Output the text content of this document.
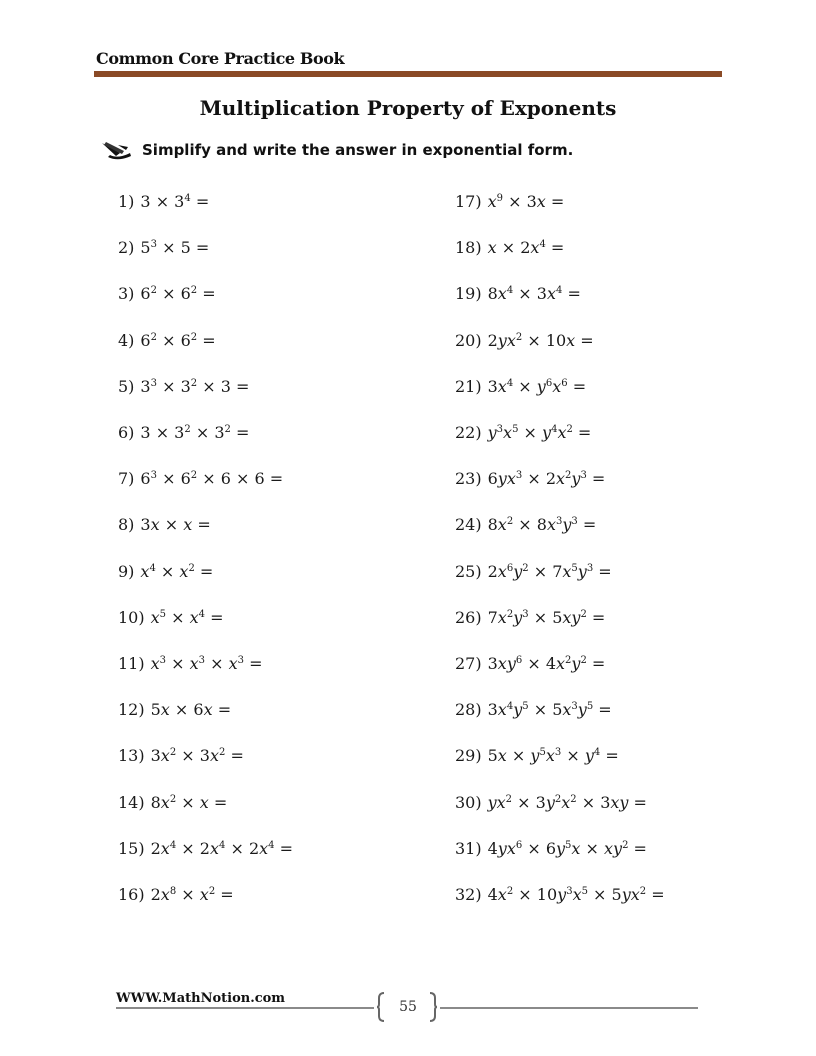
Common Core Practice Book
Multiplication Property of Exponents
Simplify and write the answer in exponential form.
1) $3 \times 3^4$ =
2) $5^3 \times 5$ =
3) $6^2 \times 6^2$ =
4) $6^2 \times 6^2$ =
5) $3^3 \times 3^2 \times 3$ =
6) $3 \times 3^2 \times 3^2$ =
7) $6^3 \times 6^2 \times 6 \times 6$ =
8) 3x × x =
9) $x^4 \times x^2$ =
10) $x^5 \times x^4$ =
11) $x^3 \times x^3 \times x^3$ =
12) 5x × 6x =
13) $3x^2 \times 3x^2$ =
14) $8x^2 \times x$ =
15) $2x^4 \times 2x^4 \times 2x^4$ =
16) $2x^8 \times x^2$ =
17) $x^9 \times 3x$ =
18) $x \times 2x^4$ =
19) $8x^4 \times 3x^4$ =
20) $2yx^2 \times 10x$ =
21) $3x^4 \times y^6x^6$ =
22) $y^3x^5 \times y^4x^2$ =
23) $6yx^3 \times 2x^2y^3$ =
24) $8x^2 \times 8x^3y^3$ =
25) $2x^6y^2 \times 7x^5y^3$ =
26) $7x^2y^3 \times 5xy^2$ =
27) $3xy^6 \times 4x^2y^2$ =
28) $3x^4y^5 \times 5x^3y^5$ =
29) $5x \times y^5x^3 \times y^4$ =
30) $yx^2 \times 3y^2x^2 \times 3xy$ =
31) $4yx^6 \times 6y^5x \times xy^2$ =
32) $4x^2 \times 10y^3x^5 \times 5yx^2$ =
WWW.MathNotion.com
55
